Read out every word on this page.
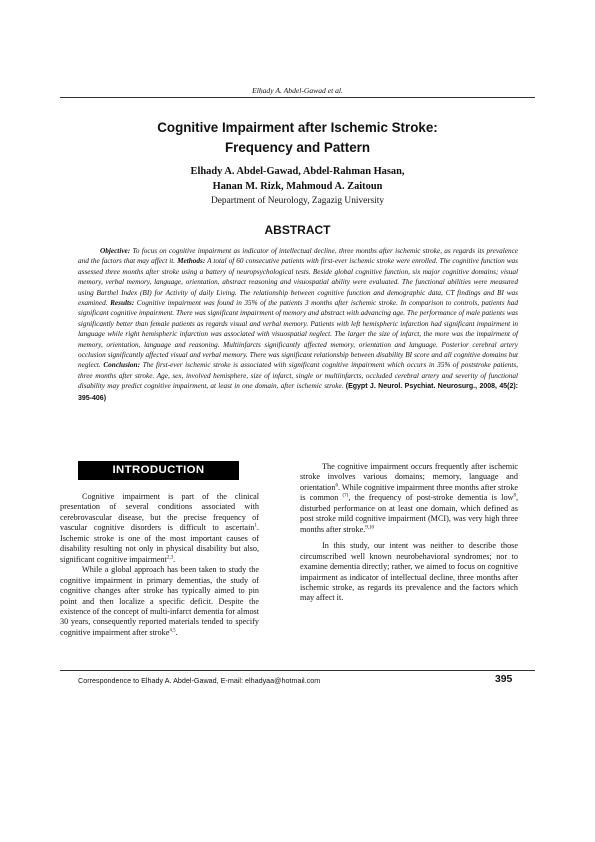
Elhady A. Abdel-Gawad et al.
Cognitive Impairment after Ischemic Stroke:
Frequency and Pattern
Elhady A. Abdel-Gawad, Abdel-Rahman Hasan,
Hanan M. Rizk, Mahmoud A. Zaitoun
Department of Neurology, Zagazig University
ABSTRACT

Objective: To focus on cognitive impairment as indicator of intellectual decline, three months after ischemic stroke, as regards its prevalence and the factors that may affect it. Methods: A total of 60 consecutive patients with first-ever ischemic stroke were enrolled. The cognitive function was assessed three months after stroke using a battery of neuropsychological tests. Beside global cognitive function, six major cognitive domains; visual memory, verbal memory, language, orientation, abstract reasoning and visuospatial ability were evaluated. The functional abilities were measured using Barthel Index (BI) for Activity of daily Living. The relationship between cognitive function and demographic data, CT findings and BI was examined. Results: Cognitive impairment was found in 35% of the patients 3 months after ischemic stroke. In comparison to controls, patients had significant cognitive impairment. There was significant impairment of memory and abstract with advancing age. The performance of male patients was significantly better than female patients as regards visual and verbal memory. Patients with left hemispheric infarction had significant impairment in language while right hemispheric infarction was associated with visuospatial neglect. The larger the size of infarct, the more was the impairment of memory, orientation, language and reasoning. Multiinfarcts significantly affected memory, orientation and language. Posterior cerebral artery occlusion significantly affected visual and verbal memory. There was significant relationship between disability BI score and all cognitive domains but neglect. Conclusion: The first-ever ischemic stroke is associated with significant cognitive impairment which occurs in 35% of poststroke patients, three months after stroke. Age, sex, involved hemisphere, size of infarct, single or multiinfarcts, occluded cerebral artery and severity of functional disability may predict cognitive impairment, at least in one domain, after ischemic stroke. (Egypt J. Neurol. Psychiat. Neurosurg., 2008, 45(2): 395-406)

INTRODUCTION

Cognitive impairment is part of the clinical presentation of several conditions associated with cerebrovascular disease, but the precise frequency of vascular cognitive disorders is difficult to ascertain$^1$. Ischemic stroke is one of the most important causes of disability resulting not only in physical disability but also, significant cognitive impairment$^{2,3}$.

While a global approach has been taken to study the cognitive impairment in primary dementias, the study of cognitive changes after stroke has typically aimed to pin point and then localize a specific deficit. Despite the existence of the concept of multi-infarct dementia for almost 30 years, consequently reported materials tended to specify cognitive impairment after stroke$^{4,5}$.

The cognitive impairment occurs frequently after ischemic stroke involves various domains; memory, language and orientation$^6$. While cognitive impairment three months after stroke is common $^{(7)}$, the frequency of post-stroke dementia is low$^8$, disturbed performance on at least one domain, which defined as post stroke mild cognitive impairment (MCI), was very high three months after stroke.$^{9,10}$

In this study, our intent was neither to describe those circumscribed well known neurobehavioral syndromes; nor to examine dementia directly; rather, we aimed to focus on cognitive impairment as indicator of intellectual decline, three months after ischemic stroke, as regards its prevalence and the factors which may affect it.

Correspondence to Elhady A. Abdel-Gawad, E-mail: elhadyaa@hotmail.com	395
